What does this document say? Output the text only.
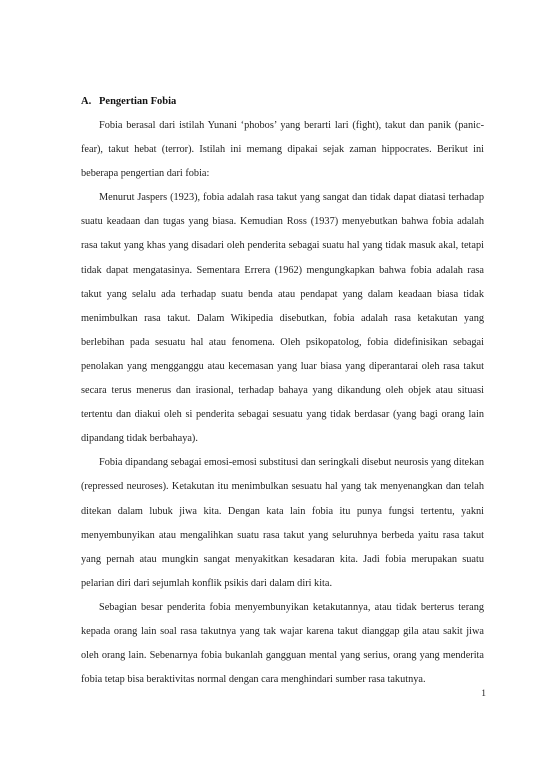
A. Pengertian Fobia

Fobia berasal dari istilah Yunani ‘phobos’ yang berarti lari (fight), takut dan panik (panic-fear), takut hebat (terror). Istilah ini memang dipakai sejak zaman hippocrates. Berikut ini beberapa pengertian dari fobia:

Menurut Jaspers (1923), fobia adalah rasa takut yang sangat dan tidak dapat diatasi terhadap suatu keadaan dan tugas yang biasa. Kemudian Ross (1937) menyebutkan bahwa fobia adalah rasa takut yang khas yang disadari oleh penderita sebagai suatu hal yang tidak masuk akal, tetapi tidak dapat mengatasinya. Sementara Errera (1962) mengungkapkan bahwa fobia adalah rasa takut yang selalu ada terhadap suatu benda atau pendapat yang dalam keadaan biasa tidak menimbulkan rasa takut. Dalam Wikipedia disebutkan, fobia adalah rasa ketakutan yang berlebihan pada sesuatu hal atau fenomena. Oleh psikopatolog, fobia didefinisikan sebagai penolakan yang mengganggu atau kecemasan yang luar biasa yang diperantarai oleh rasa takut secara terus menerus dan irasional, terhadap bahaya yang dikandung oleh objek atau situasi tertentu dan diakui oleh si penderita sebagai sesuatu yang tidak berdasar (yang bagi orang lain dipandang tidak berbahaya).

Fobia dipandang sebagai emosi-emosi substitusi dan seringkali disebut neurosis yang ditekan (repressed neuroses). Ketakutan itu menimbulkan sesuatu hal yang tak menyenangkan dan telah ditekan dalam lubuk jiwa kita. Dengan kata lain fobia itu punya fungsi tertentu, yakni menyembunyikan atau mengalihkan suatu rasa takut yang seluruhnya berbeda yaitu rasa takut yang pernah atau mungkin sangat menyakitkan kesadaran kita. Jadi fobia merupakan suatu pelarian diri dari sejumlah konflik psikis dari dalam diri kita.

Sebagian besar penderita fobia menyembunyikan ketakutannya, atau tidak berterus terang kepada orang lain soal rasa takutnya yang tak wajar karena takut dianggap gila atau sakit jiwa oleh orang lain. Sebenarnya fobia bukanlah gangguan mental yang serius, orang yang menderita fobia tetap bisa beraktivitas normal dengan cara menghindari sumber rasa takutnya.

1
